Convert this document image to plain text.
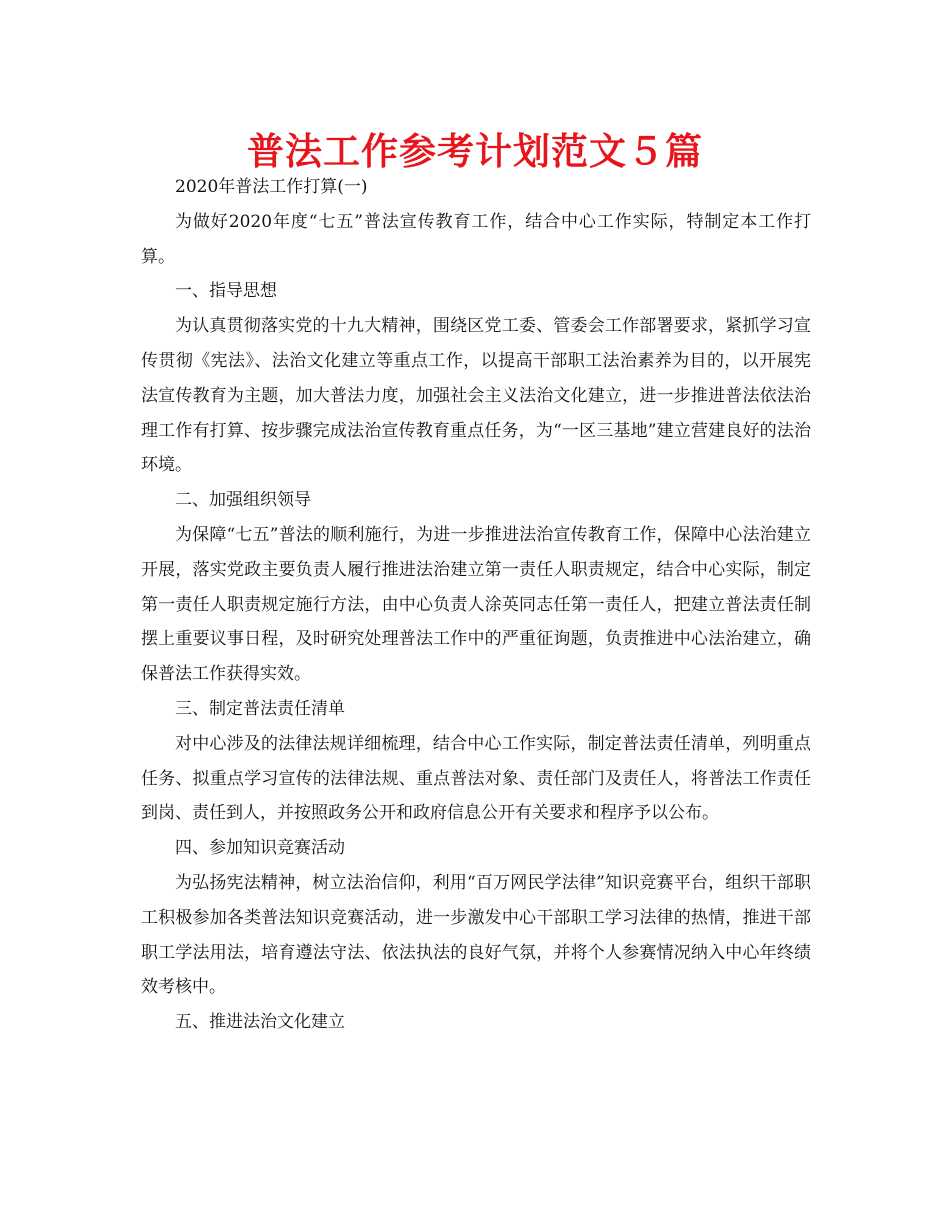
普法工作参考计划范文５篇

2020年普法工作打算(一)

为做好2020年度“七五”普法宣传教育工作，结合中心工作实际，特制定本工作打算。

一、指导思想

为认真贯彻落实党的十九大精神，围绕区党工委、管委会工作部署要求，紧抓学习宣传贯彻《宪法》、法治文化建立等重点工作，以提高干部职工法治素养为目的，以开展宪法宣传教育为主题，加大普法力度，加强社会主义法治文化建立，进一步推进普法依法治理工作有打算、按步骤完成法治宣传教育重点任务，为“一区三基地”建立营建良好的法治环境。

二、加强组织领导

为保障“七五”普法的顺利施行，为进一步推进法治宣传教育工作，保障中心法治建立开展，落实党政主要负责人履行推进法治建立第一责任人职责规定，结合中心实际，制定第一责任人职责规定施行方法，由中心负责人涂英同志任第一责任人，把建立普法责任制摆上重要议事日程，及时研究处理普法工作中的严重征询题，负责推进中心法治建立，确保普法工作获得实效。

三、制定普法责任清单

对中心涉及的法律法规详细梳理，结合中心工作实际，制定普法责任清单，列明重点任务、拟重点学习宣传的法律法规、重点普法对象、责任部门及责任人，将普法工作责任到岗、责任到人，并按照政务公开和政府信息公开有关要求和程序予以公布。

四、参加知识竞赛活动

为弘扬宪法精神，树立法治信仰，利用“百万网民学法律”知识竞赛平台，组织干部职工积极参加各类普法知识竞赛活动，进一步激发中心干部职工学习法律的热情，推进干部职工学法用法，培育遵法守法、依法执法的良好气氛，并将个人参赛情况纳入中心年终绩效考核中。

五、推进法治文化建立
